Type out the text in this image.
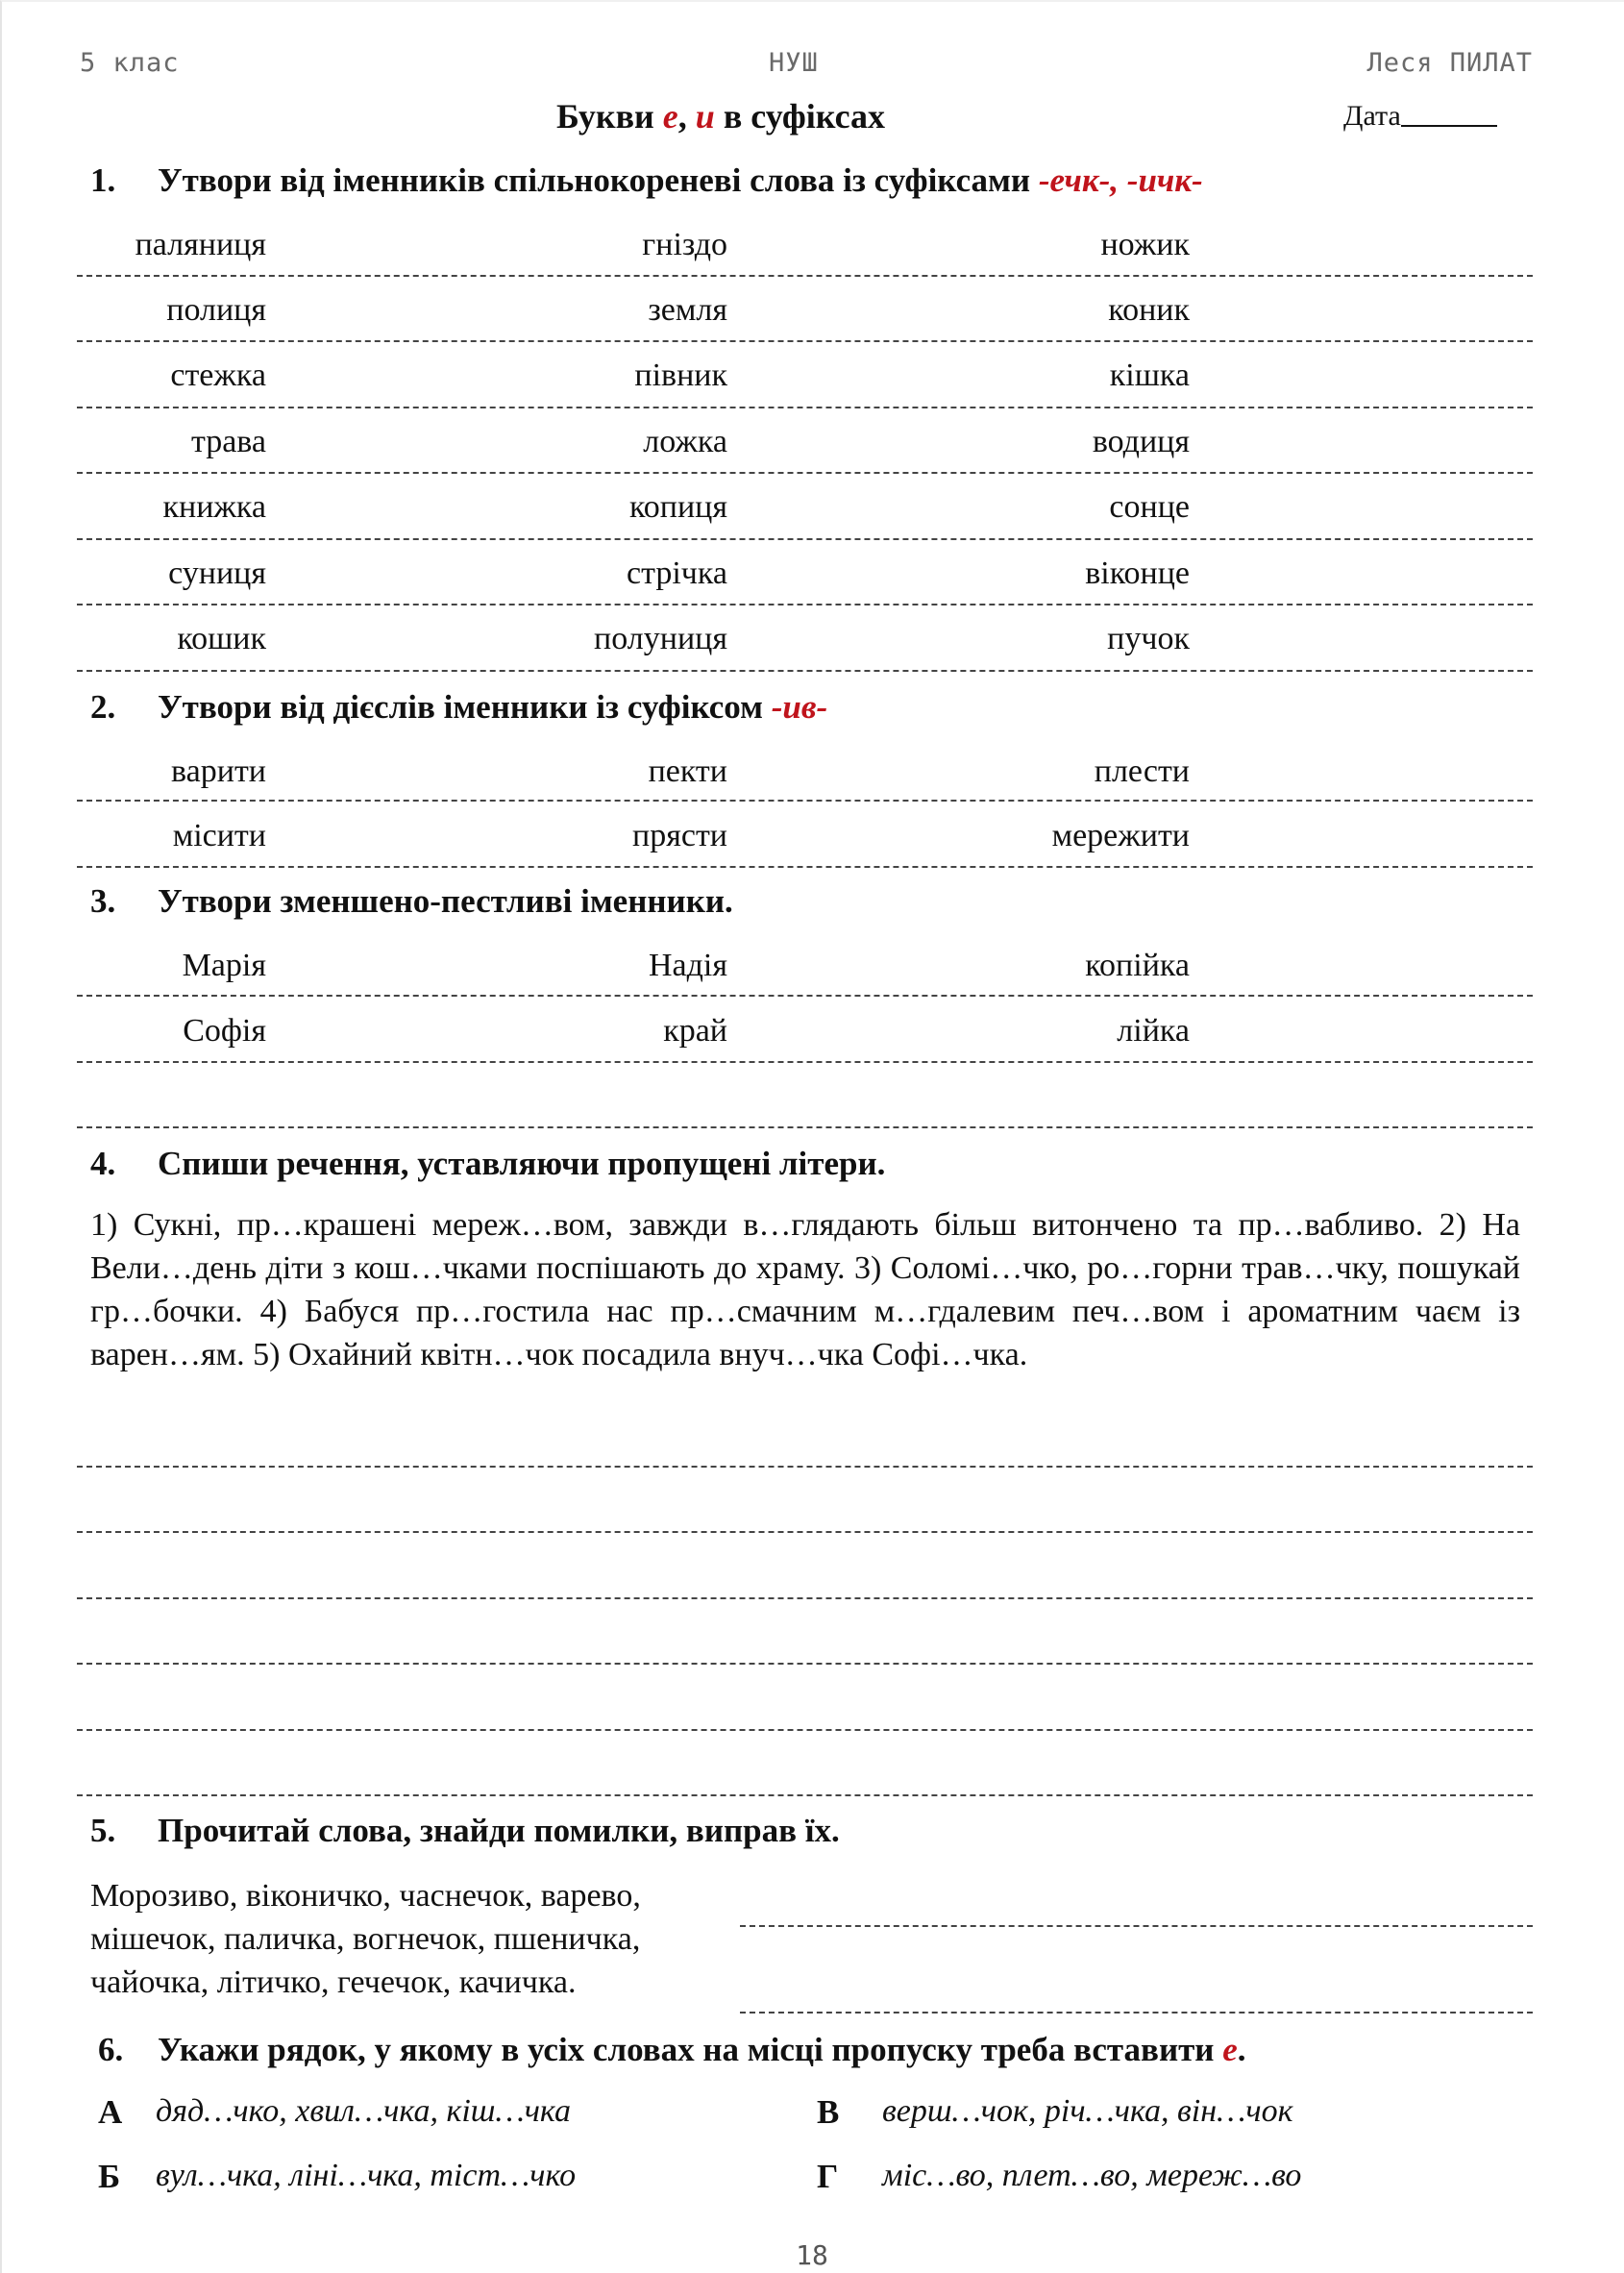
5 клас	НУШ	Леся ПИЛАТ
Букви е, и в суфіксах	Дата
1. Утвори від іменників спільнокореневі слова із суфіксами -ечк-, -ичк-
паляниця	гніздо	ножик
полиця	земля	коник
стежка	півник	кішка
трава	ложка	водиця
книжка	копиця	сонце
суниця	стрічка	віконце
кошик	полуниця	пучок
2. Утвори від дієслів іменники із суфіксом -ив-
варити	пекти	плести
місити	прясти	мережити
3. Утвори зменшено-пестливі іменники.
Марія	Надія	копійка
Софія	край	лійка
4. Спиши речення, уставляючи пропущені літери.

1) Сукні, пр…крашені мереж…вом, завжди в…глядають більш витончено та пр…вабливо. 2) На Вели…день діти з кош…чками поспішають до храму. 3) Соломі…чко, ро…горни трав…чку, пошукай гр…бочки. 4) Бабуся пр…гостила нас пр…смачним м…гдалевим печ…вом і ароматним чаєм із варен…ям. 5) Охайний квітн…чок посадила внуч…чка Софі…чка.

5. Прочитай слова, знайди помилки, виправ їх.

Морозиво, віконичко, часнечок, варево,

мішечок, паличка, вогнечок, пшеничка,

чайочка, літичко, гечечок, качичка.

6. Укажи рядок, у якому в усіх словах на місці пропуску треба вставити е.
А дяд…чко, хвил…чка, кіш…чка
Б вул…чка, ліні…чка, тіст…чко
В верш…чок, річ…чка, він…чок
Г міс…во, плет…во, мереж…во
18
